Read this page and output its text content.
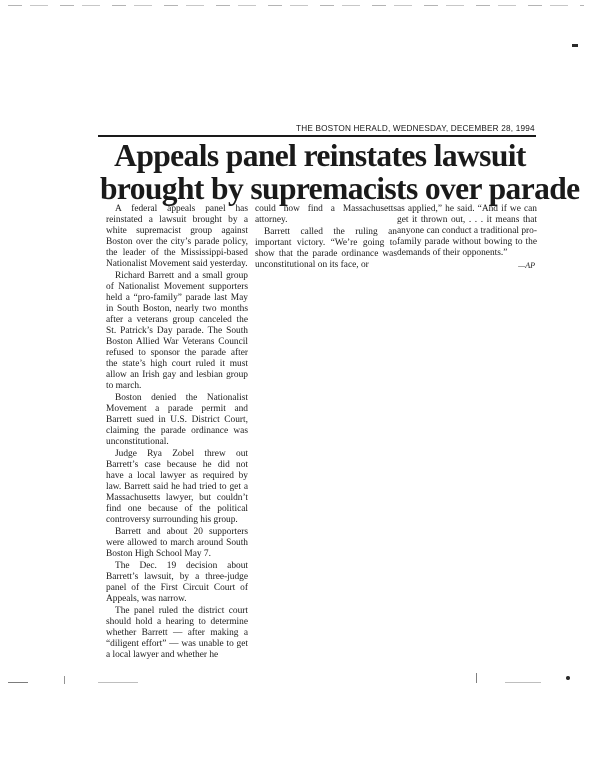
THE BOSTON HERALD, WEDNESDAY, DECEMBER 28, 1994
Appeals panel reinstates lawsuit
brought by supremacists over parade

A federal appeals panel has reinstated a lawsuit brought by a white supremacist group against Boston over the city’s parade policy, the leader of the Mississippi-based Nationalist Movement said yesterday.

Richard Barrett and a small group of Nationalist Movement supporters held a “pro-family” parade last May in South Boston, nearly two months after a veterans group canceled the St. Patrick’s Day parade. The South Boston Allied War Veterans Council refused to sponsor the parade after the state’s high court ruled it must allow an Irish gay and lesbian group to march.

Boston denied the Nationalist Movement a parade permit and Barrett sued in U.S. District Court, claiming the parade ordinance was unconstitutional.

Judge Rya Zobel threw out Barrett’s case because he did not have a local lawyer as required by law. Barrett said he had tried to get a Massachusetts lawyer, but couldn’t find one because of the political controversy surrounding his group.

Barrett and about 20 supporters were allowed to march around South Boston High School May 7.

The Dec. 19 decision about Barrett’s lawsuit, by a three-judge panel of the First Circuit Court of Appeals, was narrow.

The panel ruled the district court should hold a hearing to determine whether Barrett — after making a “diligent effort” — was unable to get a local lawyer and whether he

could now find a Massachusetts attorney.

Barrett called the ruling an important victory. “We’re going to show that the parade ordinance was unconstitutional on its face, or

as applied,” he said. “And if we can get it thrown out, . . . it means that anyone can conduct a traditional pro-family parade without bowing to the demands of their opponents.”

—AP
